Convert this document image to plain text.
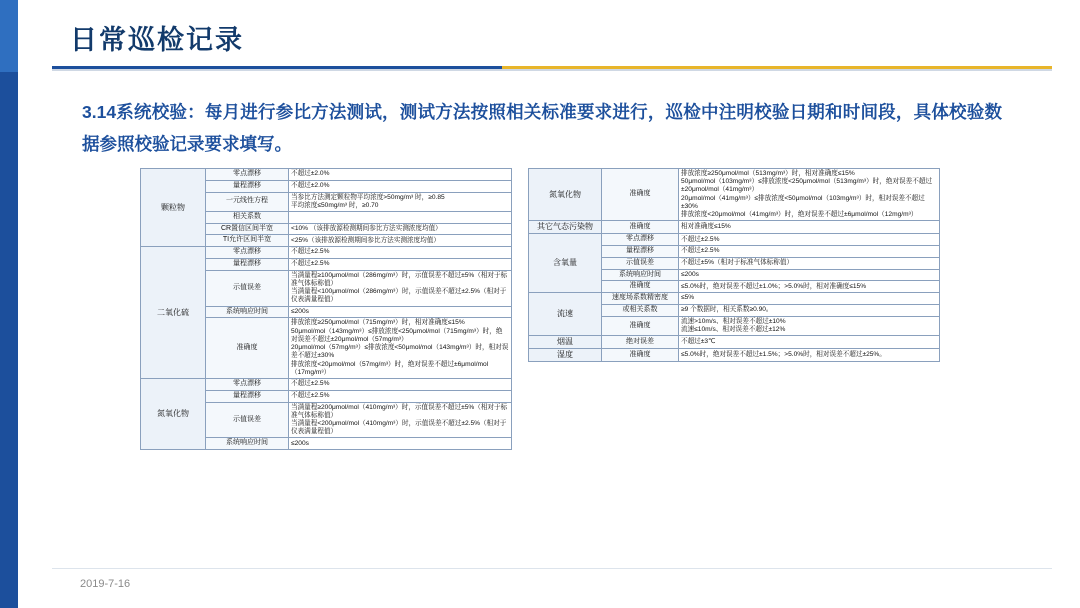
日常巡检记录
3.14系统校验：每月进行参比方法测试，测试方法按照相关标准要求进行，巡检中注明校验日期和时间段，具体校验数据参照校验记录要求填写。
颗粒物	零点漂移	不超过±2.0%
	量程漂移	不超过±2.0%
	一元线性方程	当参比方法测定颗粒物平均浓度>50mg/m³ 时，≥0.85
平均浓度≤50mg/m³ 时，≥0.70
	相关系数	
	CR置信区间半宽	<10% （该排放源检测期间参比方法实测浓度均值）
	TI允许区间半宽	<25%（该排放源检测期间参比方法实测浓度均值）
二氧化硫	零点漂移	不超过±2.5%
	量程漂移	不超过±2.5%
	示值误差	当满量程≥100μmol/mol（286mg/m³）时，示值误差不超过±5%（相对于标准气体标称值）
当满量程<100μmol/mol（286mg/m³）时，示值误差不超过±2.5%（相对于仪表满量程值）
	系统响应时间	≤200s
	准确度	排放浓度≥250μmol/mol（715mg/m³）时，相对准确度≤15%
50μmol/mol（143mg/m³）≤排放浓度<250μmol/mol（715mg/m³）时，绝对误差不超过±20μmol/mol（57mg/m³）
20μmol/mol（57mg/m³）≤排放浓度<50μmol/mol（143mg/m³）时，相对误差不超过±30%
排放浓度<20μmol/mol（57mg/m³）时，绝对误差不超过±6μmol/mol（17mg/m³）
氮氧化物	零点漂移	不超过±2.5%
	量程漂移	不超过±2.5%
	示值误差	当满量程≥200μmol/mol（410mg/m³）时，示值误差不超过±5%（相对于标准气体标称值）
当满量程<200μmol/mol（410mg/m³）时，示值误差不超过±2.5%（相对于仪表满量程值）
	系统响应时间	≤200s
氮氧化物	准确度	排放浓度≥250μmol/mol（513mg/m³）时，相对准确度≤15%
50μmol/mol（103mg/m³）≤排放浓度<250μmol/mol（513mg/m³）时，绝对误差不超过±20μmol/mol（41mg/m³）
20μmol/mol（41mg/m³）≤排放浓度<50μmol/mol（103mg/m³）时，相对误差不超过±30%
排放浓度<20μmol/mol（41mg/m³）时，绝对误差不超过±6μmol/mol（12mg/m³）
其它气态污染物	准确度	相对准确度≤15%
含氧量	零点漂移	不超过±2.5%
	量程漂移	不超过±2.5%
	示值误差	不超过±5%（相对于标准气体标称值）
	系统响应时间	≤200s
	准确度	≤5.0%时，绝对误差不超过±1.0%；>5.0%时，相对准确度≤15%
流速	速度场系数精密度	≤5%
	或相关系数	≥9 个数据时，相关系数≥0.90。
	准确度	流速>10m/s、相对误差不超过±10%
流速≤10m/s、相对误差不超过±12%
烟温	绝对误差	不超过±3℃
湿度	准确度	≤5.0%时，绝对误差不超过±1.5%；>5.0%时，相对误差不超过±25%。
2019-7-16
